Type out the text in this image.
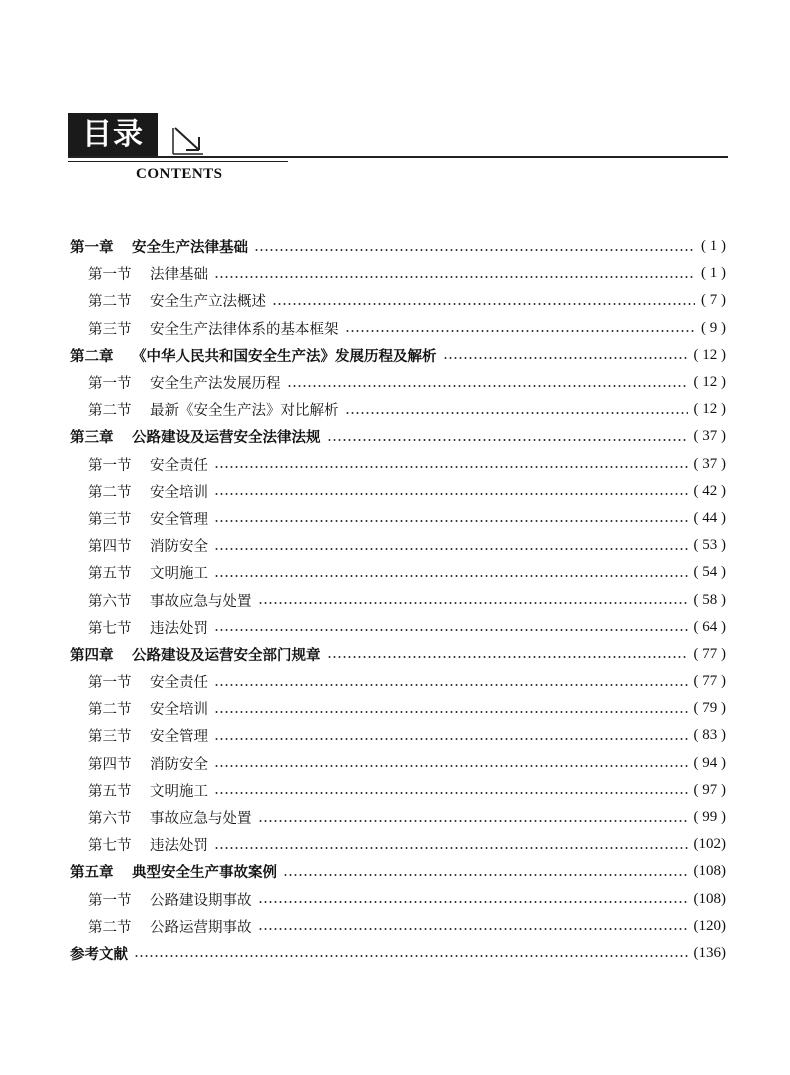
目录
CONTENTS
第一章 安全生产法律基础	( 1 )
第一节 法律基础	( 1 )
第二节 安全生产立法概述	( 7 )
第三节 安全生产法律体系的基本框架	( 9 )
第二章 《中华人民共和国安全生产法》发展历程及解析	( 12 )
第一节 安全生产法发展历程	( 12 )
第二节 最新《安全生产法》对比解析	( 12 )
第三章 公路建设及运营安全法律法规	( 37 )
第一节 安全责任	( 37 )
第二节 安全培训	( 42 )
第三节 安全管理	( 44 )
第四节 消防安全	( 53 )
第五节 文明施工	( 54 )
第六节 事故应急与处置	( 58 )
第七节 违法处罚	( 64 )
第四章 公路建设及运营安全部门规章	( 77 )
第一节 安全责任	( 77 )
第二节 安全培训	( 79 )
第三节 安全管理	( 83 )
第四节 消防安全	( 94 )
第五节 文明施工	( 97 )
第六节 事故应急与处置	( 99 )
第七节 违法处罚	(102)
第五章 典型安全生产事故案例	(108)
第一节 公路建设期事故	(108)
第二节 公路运营期事故	(120)
参考文献	(136)
